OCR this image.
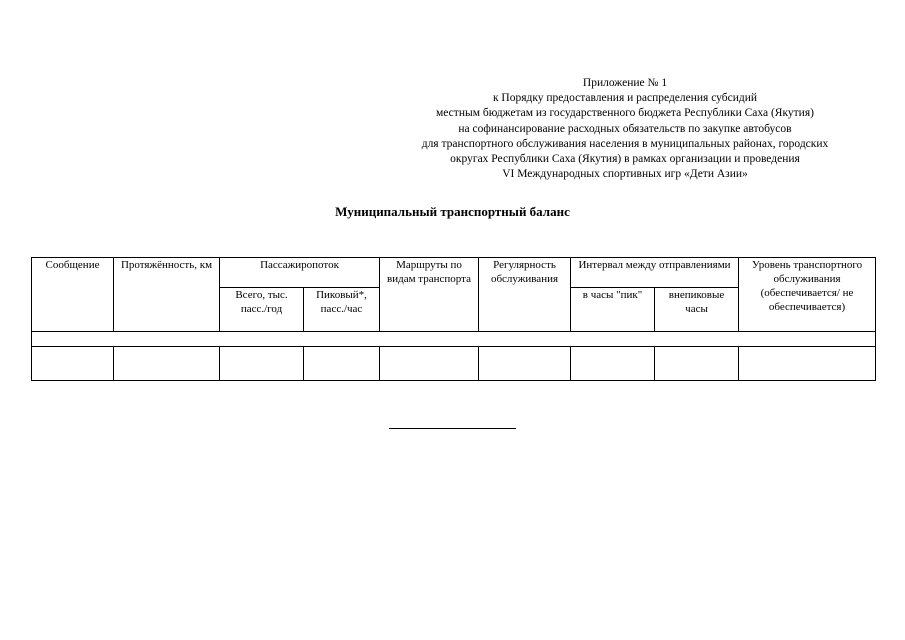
Приложение № 1
к Порядку предоставления и распределения субсидий
местным бюджетам из государственного бюджета Республики Саха (Якутия)
на софинансирование расходных обязательств по закупке автобусов
для транспортного обслуживания населения в муниципальных районах, городских
округах Республики Саха (Якутия) в рамках организации и проведения
VI Международных спортивных игр «Дети Азии»
Муниципальный транспортный баланс
Сообщение	Протяжённость, км	Пассажиропоток		Маршруты по видам транспорта	Регулярность обслуживания	Интервал между отправлениями		Уровень транспортного обслуживания (обеспечивается/ не обеспечивается)
		Всего, тыс. пасс./год	Пиковый*, пасс./час			в часы "пик"	внепиковые часы	
